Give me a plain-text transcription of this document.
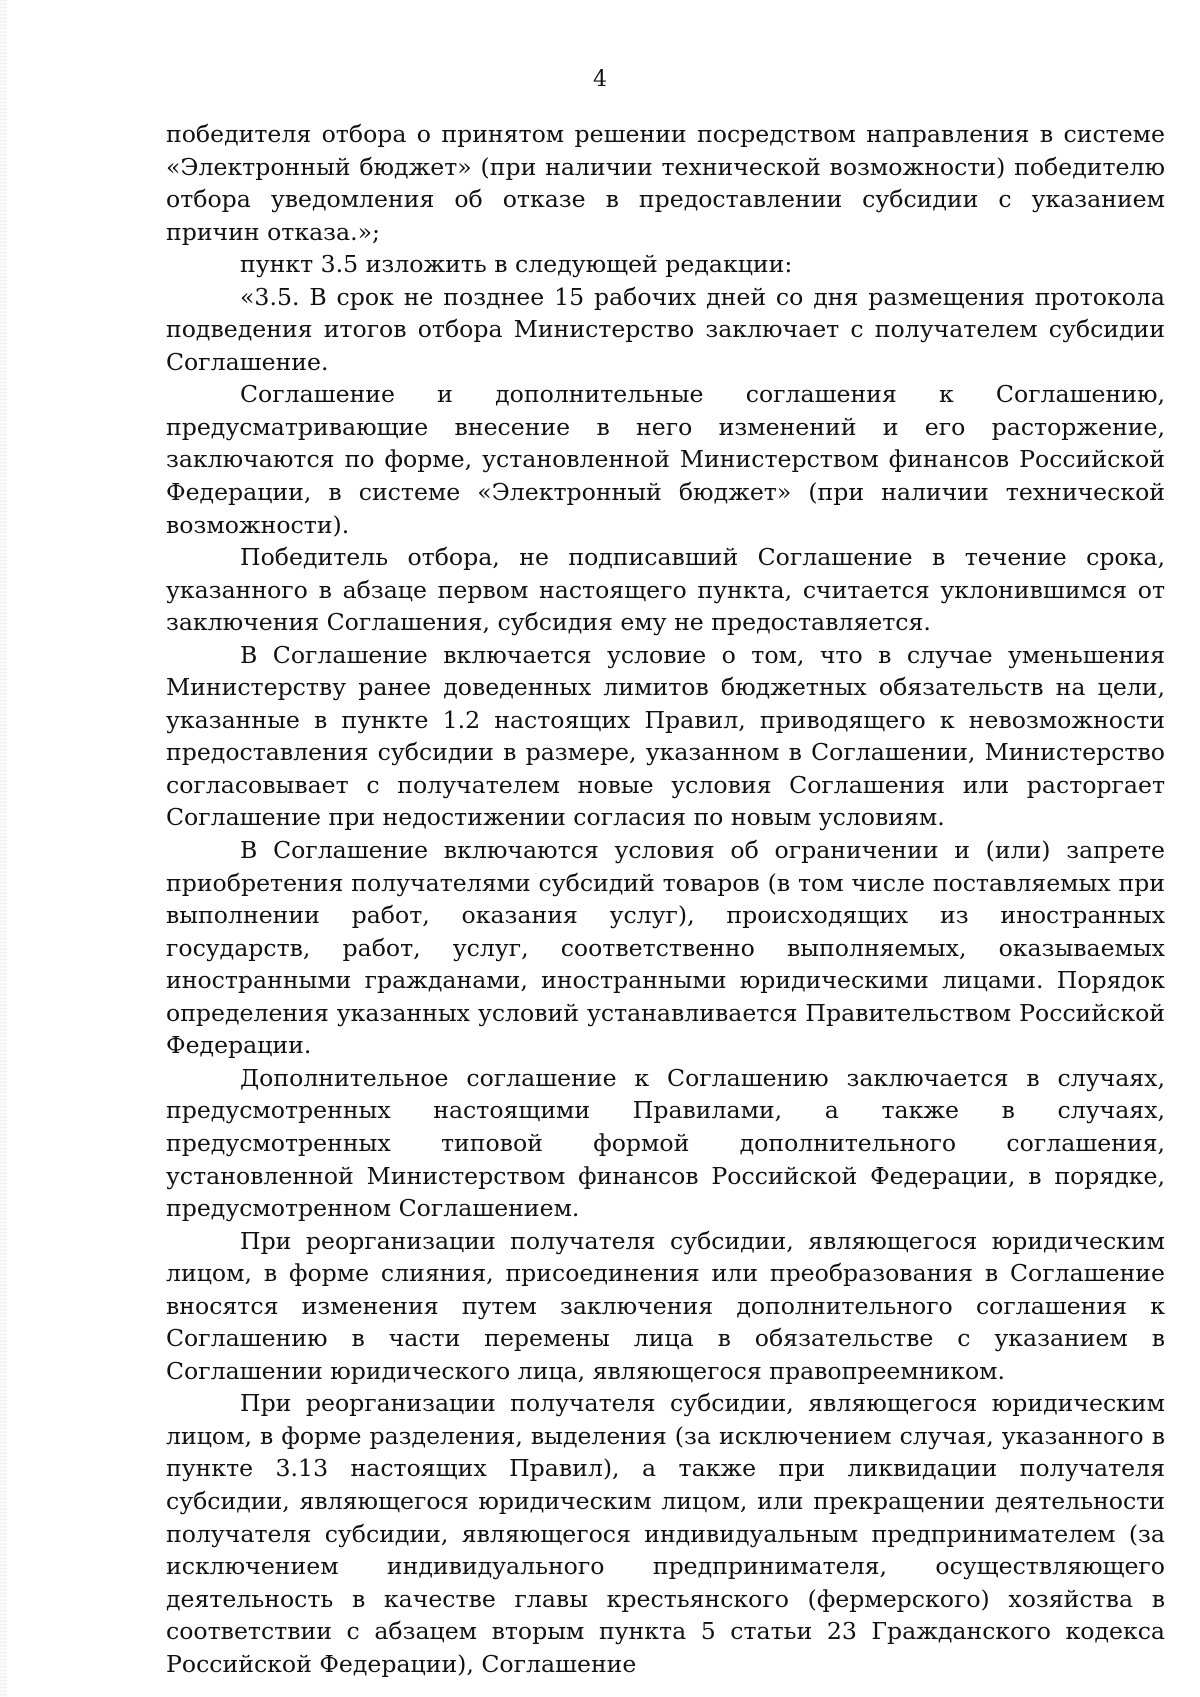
4

победителя отбора о принятом решении посредством направления в системе «Электронный бюджет» (при наличии технической возможности) победителю отбора уведомления об отказе в предоставлении субсидии с указанием причин отказа.»;

пункт 3.5 изложить в следующей редакции:

«3.5. В срок не позднее 15 рабочих дней со дня размещения протокола подведения итогов отбора Министерство заключает с получателем субсидии Соглашение.

Соглашение и дополнительные соглашения к Соглашению, предусматривающие внесение в него изменений и его расторжение, заключаются по форме, установленной Министерством финансов Российской Федерации, в системе «Электронный бюджет» (при наличии технической возможности).

Победитель отбора, не подписавший Соглашение в течение срока, указанного в абзаце первом настоящего пункта, считается уклонившимся от заключения Соглашения, субсидия ему не предоставляется.

В Соглашение включается условие о том, что в случае уменьшения Министерству ранее доведенных лимитов бюджетных обязательств на цели, указанные в пункте 1.2 настоящих Правил, приводящего к невозможности предоставления субсидии в размере, указанном в Соглашении, Министерство согласовывает с получателем новые условия Соглашения или расторгает Соглашение при недостижении согласия по новым условиям.

В Соглашение включаются условия об ограничении и (или) запрете приобретения получателями субсидий товаров (в том числе поставляемых при выполнении работ, оказания услуг), происходящих из иностранных государств, работ, услуг, соответственно выполняемых, оказываемых иностранными гражданами, иностранными юридическими лицами. Порядок определения указанных условий устанавливается Правительством Российской Федерации.

Дополнительное соглашение к Соглашению заключается в случаях, предусмотренных настоящими Правилами, а также в случаях, предусмотренных типовой формой дополнительного соглашения, установленной Министерством финансов Российской Федерации, в порядке, предусмотренном Соглашением.

При реорганизации получателя субсидии, являющегося юридическим лицом, в форме слияния, присоединения или преобразования в Соглашение вносятся изменения путем заключения дополнительного соглашения к Соглашению в части перемены лица в обязательстве с указанием в Соглашении юридического лица, являющегося правопреемником.

При реорганизации получателя субсидии, являющегося юридическим лицом, в форме разделения, выделения (за исключением случая, указанного в пункте 3.13 настоящих Правил), а также при ликвидации получателя субсидии, являющегося юридическим лицом, или прекращении деятельности получателя субсидии, являющегося индивидуальным предпринимателем (за исключением индивидуального предпринимателя, осуществляющего деятельность в качестве главы крестьянского (фермерского) хозяйства в соответствии с абзацем вторым пункта 5 статьи 23 Гражданского кодекса Российской Федерации), Соглашение
